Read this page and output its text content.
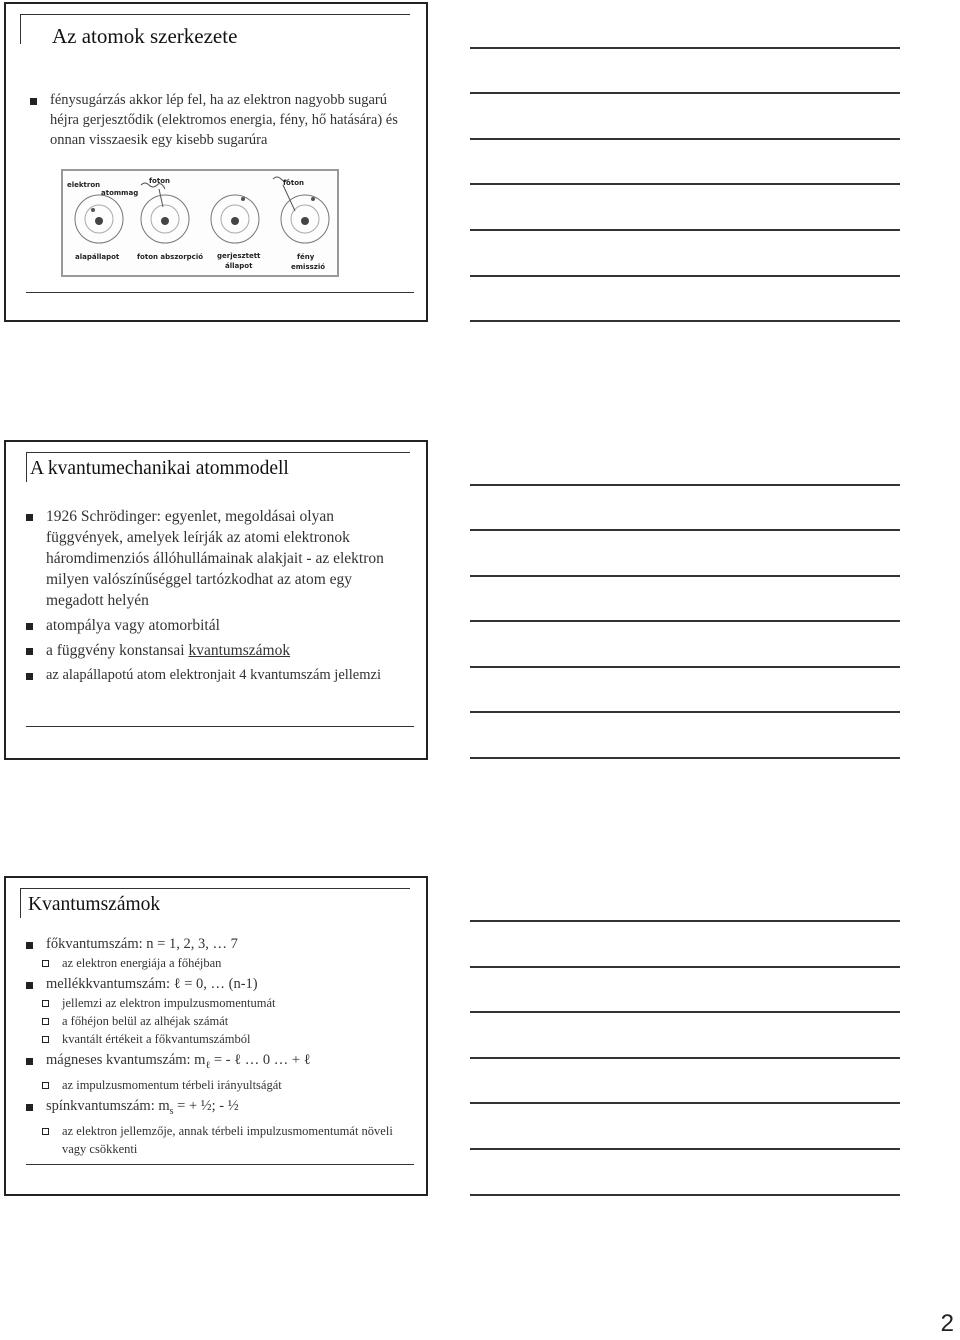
Az atomok szerkezete

fénysugárzás akkor lép fel, ha az elektron nagyobb sugarú héjra gerjesztődik (elektromos energia, fény, hő hatására) és onnan visszaesik egy kisebb sugarúra

elektron
atommag
foton	foton
alapállapot	foton abszorpció gerjesztett
állapot
fény
emisszió
A kvantumechanikai atommodell

1926 Schrödinger: egyenlet, megoldásai olyan függvények, amelyek leírják az atomi elektronok háromdimenziós állóhullámainak alakjait - az elektron milyen valószínűséggel tartózkodhat az atom egy megadott helyén

atompálya vagy atomorbitál

a függvény konstansai kvantumszámok

az alapállapotú atom elektronjait 4 kvantumszám jellemzi

Kvantumszámok

főkvantumszám: n = 1, 2, 3, … 7

az elektron energiája a főhéjban

mellékkvantumszám: ℓ = 0, … (n-1)

jellemzi az elektron impulzusmomentumát

a főhéjon belül az alhéjak számát

kvantált értékeit a főkvantumszámból

mágneses kvantumszám: $m_\ell$ = - ℓ … 0 … + ℓ

az impulzusmomentum térbeli irányultságát

spínkvantumszám: $m_s$ = + ½; - ½

az elektron jellemzője, annak térbeli impulzusmomentumát növeli vagy csökkenti

2
